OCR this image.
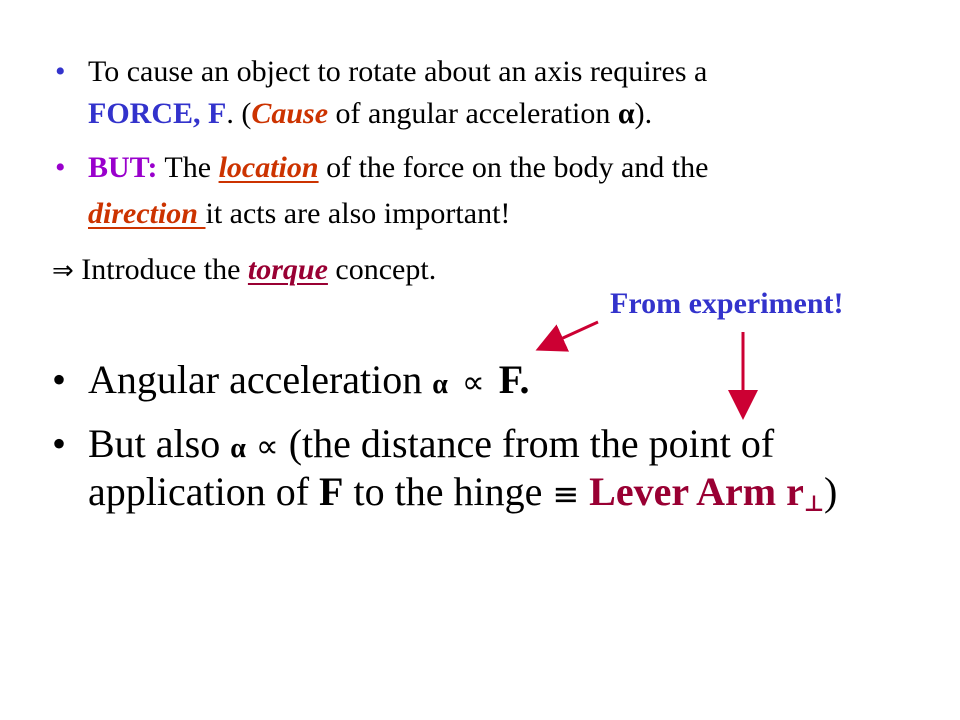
• To cause an object to rotate about an axis requires a
FORCE, F. (Cause of angular acceleration α).
• BUT: The location of the force on the body and the
direction it acts are also important!
⇒ Introduce the torque concept.
From experiment!
• Angular acceleration α ∝ F.
• But also α ∝ (the distance from the point of
application of F to the hinge ≡ Lever Arm r⊥)
